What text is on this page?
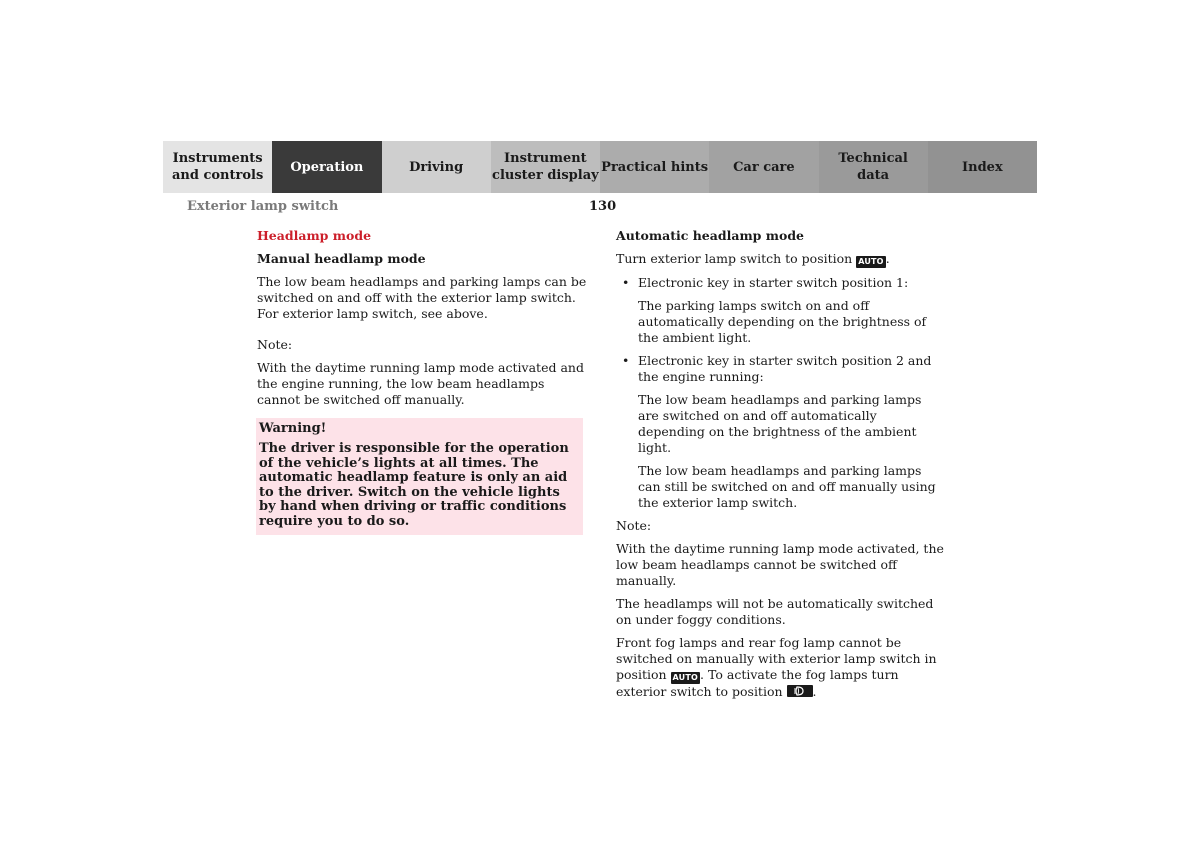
Instruments
and controls
Operation	Driving
Instrument
cluster display
Practical hints	Car care
Technical
data
Index
Exterior lamp switch	130

Headlamp mode

Manual headlamp mode

The low beam headlamps and parking lamps can be switched on and off with the exterior lamp switch. For exterior lamp switch, see above.

Note:

With the daytime running lamp mode activated and the engine running, the low beam headlamps cannot be switched off manually.

Warning!
The driver is responsible for the operation of the vehicle’s lights at all times. The automatic headlamp feature is only an aid to the driver. Switch on the vehicle lights by hand when driving or traffic conditions require you to do so.

Automatic headlamp mode

Turn exterior lamp switch to position AUTO .

• Electronic key in starter switch position 1:

The parking lamps switch on and off automatically depending on the brightness of the ambient light.

• Electronic key in starter switch position 2 and the engine running:

The low beam headlamps and parking lamps are switched on and off automatically depending on the brightness of the ambient light.

The low beam headlamps and parking lamps can still be switched on and off manually using the exterior lamp switch.

Note:

With the daytime running lamp mode activated, the low beam headlamps cannot be switched off manually.

The headlamps will not be automatically switched on under foggy conditions.

Front fog lamps and rear fog lamp cannot be switched on manually with exterior lamp switch in position AUTO . To activate the fog lamps turn exterior switch to position .
